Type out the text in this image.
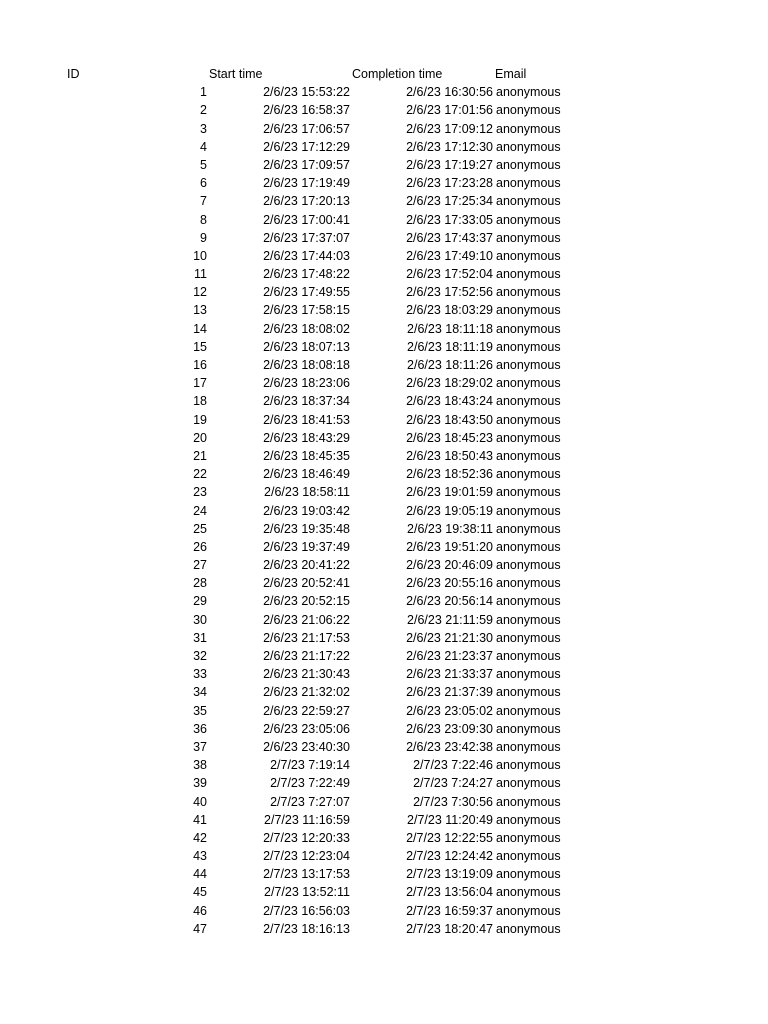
ID	Start time	Completion time	Email
1	2/6/23 15:53:22	2/6/23 16:30:56 anonymous
2	2/6/23 16:58:37	2/6/23 17:01:56 anonymous
3	2/6/23 17:06:57	2/6/23 17:09:12 anonymous
4	2/6/23 17:12:29	2/6/23 17:12:30 anonymous
5	2/6/23 17:09:57	2/6/23 17:19:27 anonymous
6	2/6/23 17:19:49	2/6/23 17:23:28 anonymous
7	2/6/23 17:20:13	2/6/23 17:25:34 anonymous
8	2/6/23 17:00:41	2/6/23 17:33:05 anonymous
9	2/6/23 17:37:07	2/6/23 17:43:37 anonymous
10	2/6/23 17:44:03	2/6/23 17:49:10 anonymous
11	2/6/23 17:48:22	2/6/23 17:52:04 anonymous
12	2/6/23 17:49:55	2/6/23 17:52:56 anonymous
13	2/6/23 17:58:15	2/6/23 18:03:29 anonymous
14	2/6/23 18:08:02	2/6/23 18:11:18 anonymous
15	2/6/23 18:07:13	2/6/23 18:11:19 anonymous
16	2/6/23 18:08:18	2/6/23 18:11:26 anonymous
17	2/6/23 18:23:06	2/6/23 18:29:02 anonymous
18	2/6/23 18:37:34	2/6/23 18:43:24 anonymous
19	2/6/23 18:41:53	2/6/23 18:43:50 anonymous
20	2/6/23 18:43:29	2/6/23 18:45:23 anonymous
21	2/6/23 18:45:35	2/6/23 18:50:43 anonymous
22	2/6/23 18:46:49	2/6/23 18:52:36 anonymous
23	2/6/23 18:58:11	2/6/23 19:01:59 anonymous
24	2/6/23 19:03:42	2/6/23 19:05:19 anonymous
25	2/6/23 19:35:48	2/6/23 19:38:11 anonymous
26	2/6/23 19:37:49	2/6/23 19:51:20 anonymous
27	2/6/23 20:41:22	2/6/23 20:46:09 anonymous
28	2/6/23 20:52:41	2/6/23 20:55:16 anonymous
29	2/6/23 20:52:15	2/6/23 20:56:14 anonymous
30	2/6/23 21:06:22	2/6/23 21:11:59 anonymous
31	2/6/23 21:17:53	2/6/23 21:21:30 anonymous
32	2/6/23 21:17:22	2/6/23 21:23:37 anonymous
33	2/6/23 21:30:43	2/6/23 21:33:37 anonymous
34	2/6/23 21:32:02	2/6/23 21:37:39 anonymous
35	2/6/23 22:59:27	2/6/23 23:05:02 anonymous
36	2/6/23 23:05:06	2/6/23 23:09:30 anonymous
37	2/6/23 23:40:30	2/6/23 23:42:38 anonymous
38	2/7/23 7:19:14	2/7/23 7:22:46 anonymous
39	2/7/23 7:22:49	2/7/23 7:24:27 anonymous
40	2/7/23 7:27:07	2/7/23 7:30:56 anonymous
41	2/7/23 11:16:59	2/7/23 11:20:49 anonymous
42	2/7/23 12:20:33	2/7/23 12:22:55 anonymous
43	2/7/23 12:23:04	2/7/23 12:24:42 anonymous
44	2/7/23 13:17:53	2/7/23 13:19:09 anonymous
45	2/7/23 13:52:11	2/7/23 13:56:04 anonymous
46	2/7/23 16:56:03	2/7/23 16:59:37 anonymous
47	2/7/23 18:16:13	2/7/23 18:20:47 anonymous
